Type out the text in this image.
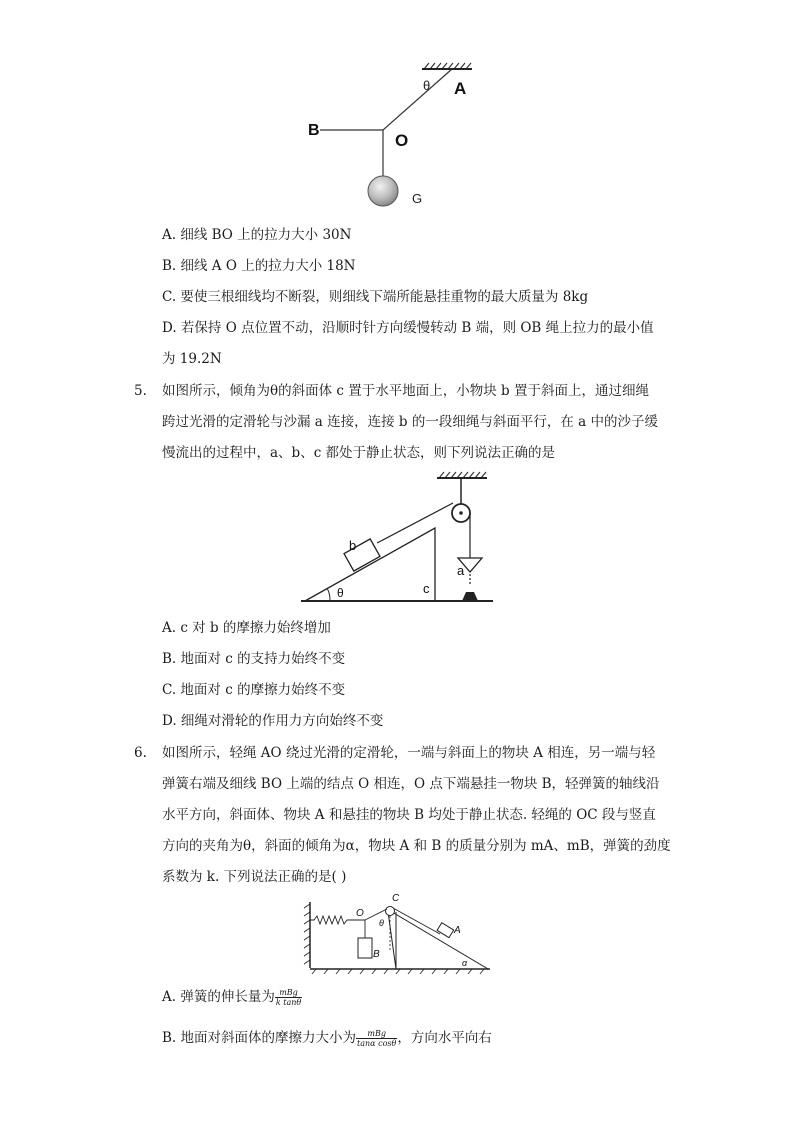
θ A
B
O
G
A. 细线 BO 上的拉力大小 30N
B. 细线 A O 上的拉力大小 18N
C. 要使三根细线均不断裂，则细线下端所能悬挂重物的最大质量为 8kg
D. 若保持 O 点位置不动，沿顺时针方向缓慢转动 B 端，则 OB 绳上拉力的最小值
为 19.2N
5. 如图所示，倾角为θ的斜面体 c 置于水平地面上，小物块 b 置于斜面上，通过细绳
跨过光滑的定滑轮与沙漏 a 连接，连接 b 的一段细绳与斜面平行，在 a 中的沙子缓
慢流出的过程中，a、b、c 都处于静止状态，则下列说法正确的是
b
a
c
θ
A. c 对 b 的摩擦力始终增加
B. 地面对 c 的支持力始终不变
C. 地面对 c 的摩擦力始终不变
D. 细绳对滑轮的作用力方向始终不变
6. 如图所示，轻绳 AO 绕过光滑的定滑轮，一端与斜面上的物块 A 相连，另一端与轻
弹簧右端及细线 BO 上端的结点 O 相连，O 点下端悬挂一物块 B，轻弹簧的轴线沿
水平方向，斜面体、物块 A 和悬挂的物块 B 均处于静止状态. 轻绳的 OC 段与竖直
方向的夹角为θ，斜面的倾角为α，物块 A 和 B 的质量分别为 mA、mB，弹簧的劲度
系数为 k. 下列说法正确的是( )
C
O
θ
A
B
α
A. 弹簧的伸长量为 $\frac{\text{mBg}}{\text{k tanθ}}$
B. 地面对斜面体的摩擦力大小为 $\frac{\text{mBg}}{\text{tanα cosθ}}$ ，方向水平向右
